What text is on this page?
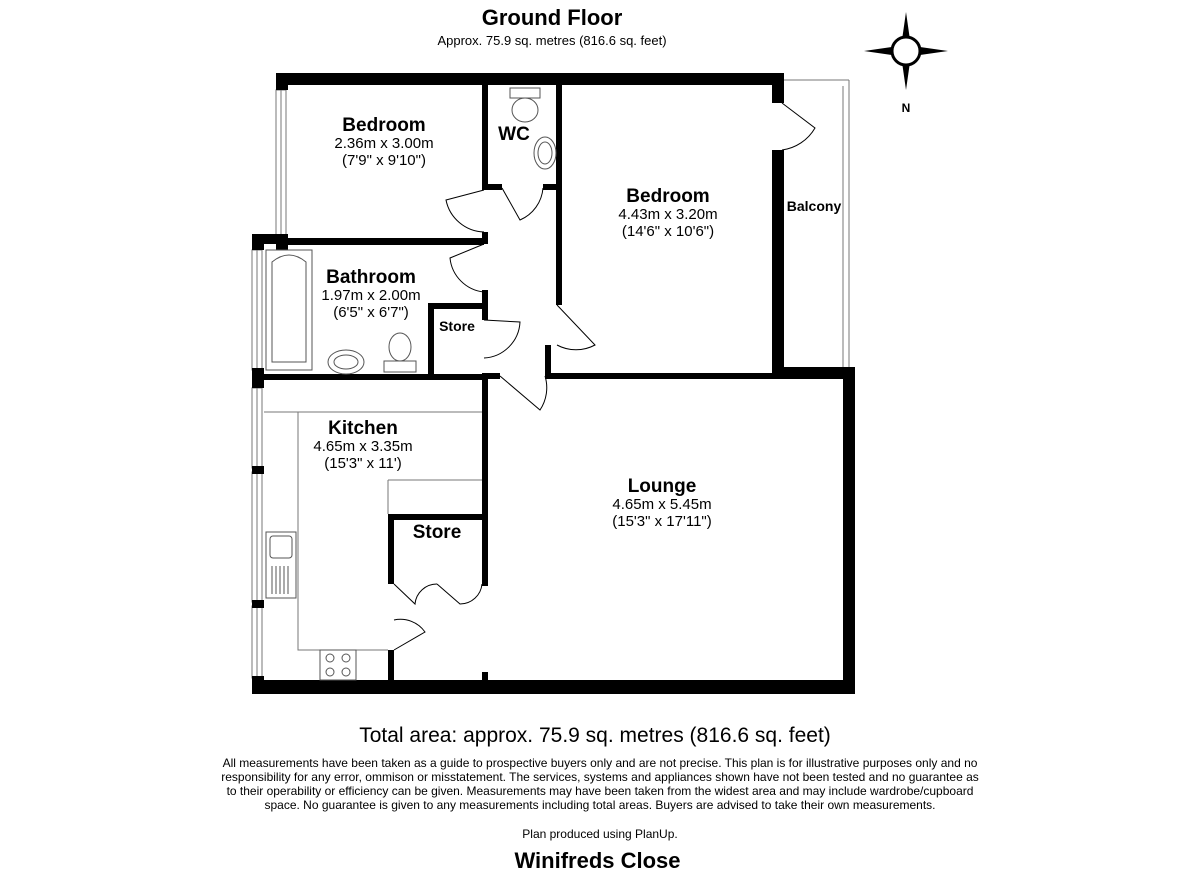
Ground Floor
Approx. 75.9 sq. metres (816.6 sq. feet)
N
Bedroom
2.36m x 3.00m
(7'9" x 9'10")
WC
Bedroom
4.43m x 3.20m
(14'6" x 10'6")
Balcony
Bathroom
1.97m x 2.00m
(6'5" x 6'7")
Store
Kitchen
4.65m x 3.35m
(15'3" x 11')
Store
Lounge
4.65m x 5.45m
(15'3" x 17'11")
Total area: approx. 75.9 sq. metres (816.6 sq. feet)
All measurements have been taken as a guide to prospective buyers only and are not precise. This plan is for illustrative purposes only and no responsibility for any error, ommison or misstatement. The services, systems and appliances shown have not been tested and no guarantee as to their operability or efficiency can be given. Measurements may have been taken from the widest area and may include wardrobe/cupboard space. No guarantee is given to any measurements including total areas. Buyers are advised to take their own measurements.
Plan produced using PlanUp.
Winifreds Close
